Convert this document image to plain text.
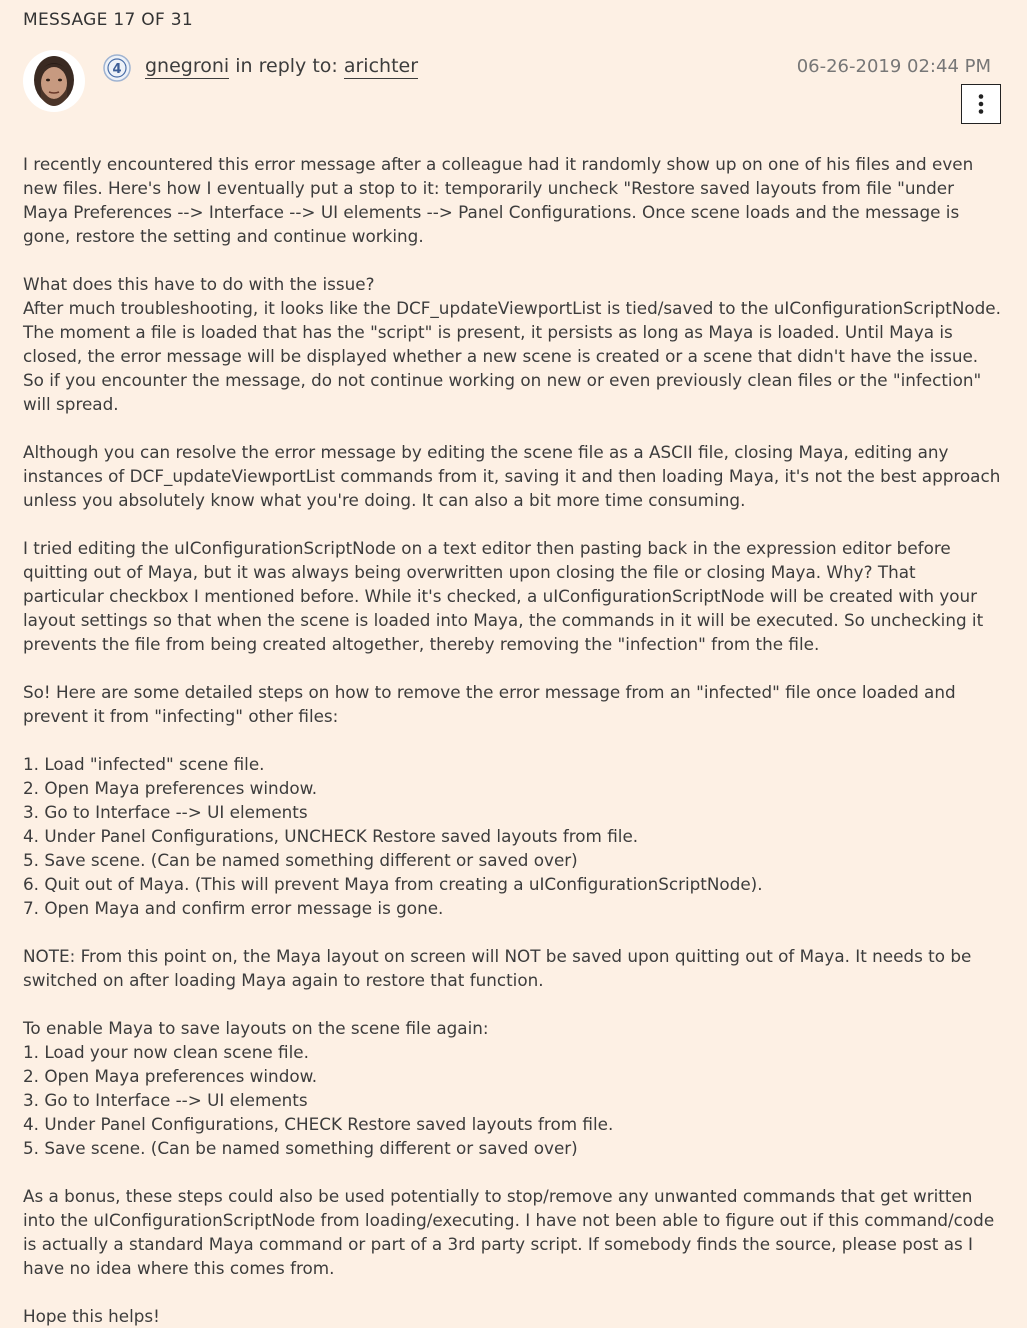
MESSAGE 17 OF 31
4 gnegroni in reply to: arichter	06-26-2019 02:44 PM

I recently encountered this error message after a colleague had it randomly show up on one of his files and even new files. Here's how I eventually put a stop to it: temporarily uncheck "Restore saved layouts from file "under Maya Preferences --> Interface --> UI elements --> Panel Configurations. Once scene loads and the message is gone, restore the setting and continue working.

What does this have to do with the issue?
After much troubleshooting, it looks like the DCF_updateViewportList is tied/saved to the uIConfigurationScriptNode. The moment a file is loaded that has the "script" is present, it persists as long as Maya is loaded. Until Maya is closed, the error message will be displayed whether a new scene is created or a scene that didn't have the issue. So if you encounter the message, do not continue working on new or even previously clean files or the "infection" will spread.

Although you can resolve the error message by editing the scene file as a ASCII file, closing Maya, editing any instances of DCF_updateViewportList commands from it, saving it and then loading Maya, it's not the best approach unless you absolutely know what you're doing. It can also a bit more time consuming.

I tried editing the uIConfigurationScriptNode on a text editor then pasting back in the expression editor before quitting out of Maya, but it was always being overwritten upon closing the file or closing Maya. Why? That particular checkbox I mentioned before. While it's checked, a uIConfigurationScriptNode will be created with your layout settings so that when the scene is loaded into Maya, the commands in it will be executed. So unchecking it prevents the file from being created altogether, thereby removing the "infection" from the file.

So! Here are some detailed steps on how to remove the error message from an "infected" file once loaded and prevent it from "infecting" other files:

1. Load "infected" scene file.
2. Open Maya preferences window.
3. Go to Interface --> UI elements
4. Under Panel Configurations, UNCHECK Restore saved layouts from file.
5. Save scene. (Can be named something different or saved over)
6. Quit out of Maya. (This will prevent Maya from creating a uIConfigurationScriptNode).
7. Open Maya and confirm error message is gone.

NOTE: From this point on, the Maya layout on screen will NOT be saved upon quitting out of Maya. It needs to be switched on after loading Maya again to restore that function.

To enable Maya to save layouts on the scene file again:
1. Load your now clean scene file.
2. Open Maya preferences window.
3. Go to Interface --> UI elements
4. Under Panel Configurations, CHECK Restore saved layouts from file.
5. Save scene. (Can be named something different or saved over)

As a bonus, these steps could also be used potentially to stop/remove any unwanted commands that get written into the uIConfigurationScriptNode from loading/executing. I have not been able to figure out if this command/code is actually a standard Maya command or part of a 3rd party script. If somebody finds the source, please post as I have no idea where this comes from.

Hope this helps!
